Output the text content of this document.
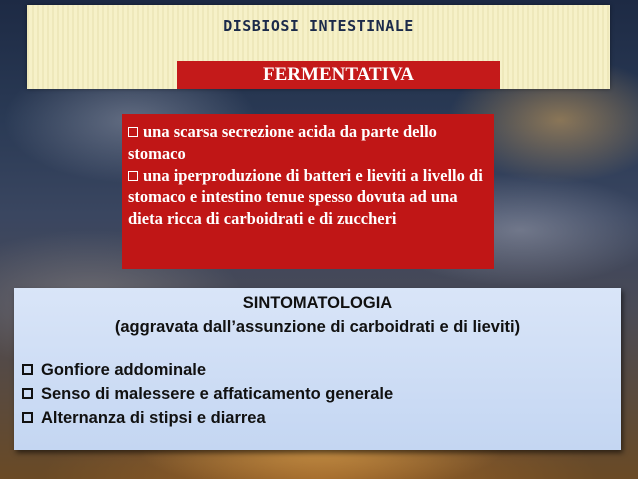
DISBIOSI INTESTINALE
FERMENTATIVA

una scarsa secrezione acida da parte dello stomaco

una iperproduzione di batteri e lieviti a livello di stomaco e intestino tenue spesso dovuta ad una dieta ricca di carboidrati e di zuccheri

SINTOMATOLOGIA
(aggravata dall’assunzione di carboidrati e di lieviti)
Gonfiore addominale
Senso di malessere e affaticamento generale
Alternanza di stipsi e diarrea
